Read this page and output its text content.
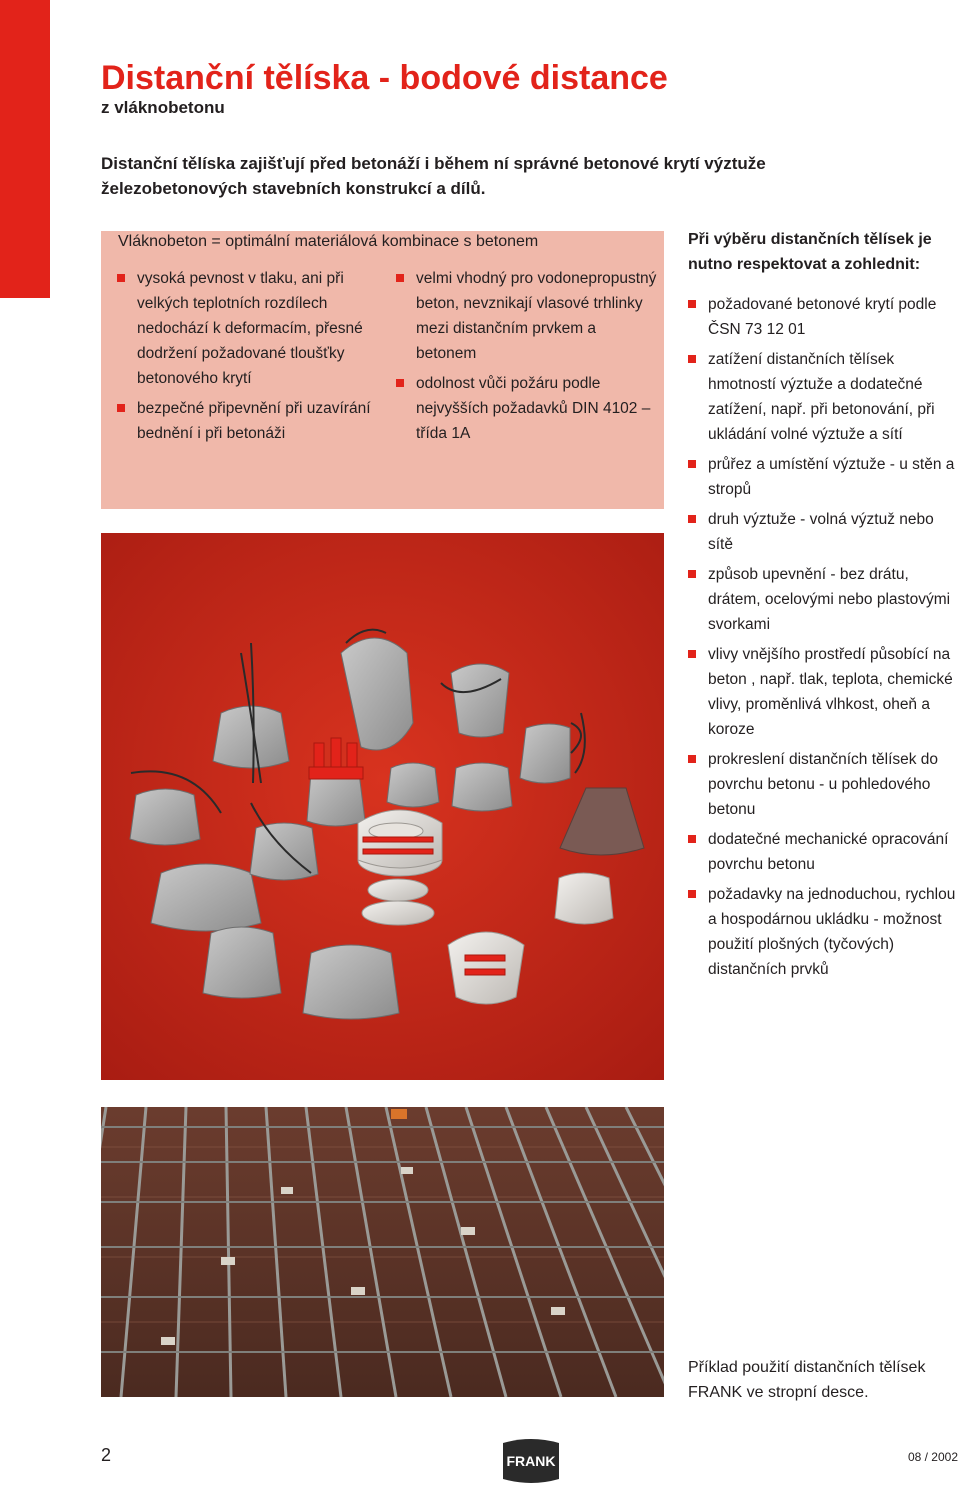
Distanční tělíska - bodové distance
z vláknobetonu

Distanční tělíska zajišťují před betonáží i během ní správné betonové krytí výztuže železobetonových stavebních konstrukcí a dílů.

Vláknobeton = optimální materiálová kombinace s betonem
vysoká pevnost v tlaku, ani při velkých teplotních rozdílech nedochází k deformacím, přesné dodržení požadované tloušťky betonového krytí
bezpečné připevnění při uzavírání bednění i při betonáži
velmi vhodný pro vodonepropustný beton, nevznikají vlasové trhlinky mezi distančním prvkem a betonem
odolnost vůči požáru podle nejvyšších požadavků DIN 4102 – třída 1A

Při výběru distančních tělísek je nutno respektovat a zohlednit:

požadované betonové krytí podle ČSN 73 12 01
zatížení distančních tělísek hmotností výztuže a dodatečné zatížení, např. při betonování, při ukládání volné výztuže a sítí
průřez a umístění výztuže - u stěn a stropů
druh výztuže - volná výztuž nebo sítě
způsob upevnění - bez drátu, drátem, ocelovými nebo plastovými svorkami
vlivy vnějšího prostředí působící na beton , např. tlak, teplota, chemické vlivy, proměnlivá vlhkost, oheň a koroze
prokreslení distančních tělísek do povrchu betonu - u pohledového betonu
dodatečné mechanické opracování povrchu betonu
požadavky na jednoduchou, rychlou a hospodárnou ukládku - možnost použití plošných (tyčových) distančních prvků

Příklad použití distančních tělísek FRANK ve stropní desce.

2	FRANK	08 / 2002
